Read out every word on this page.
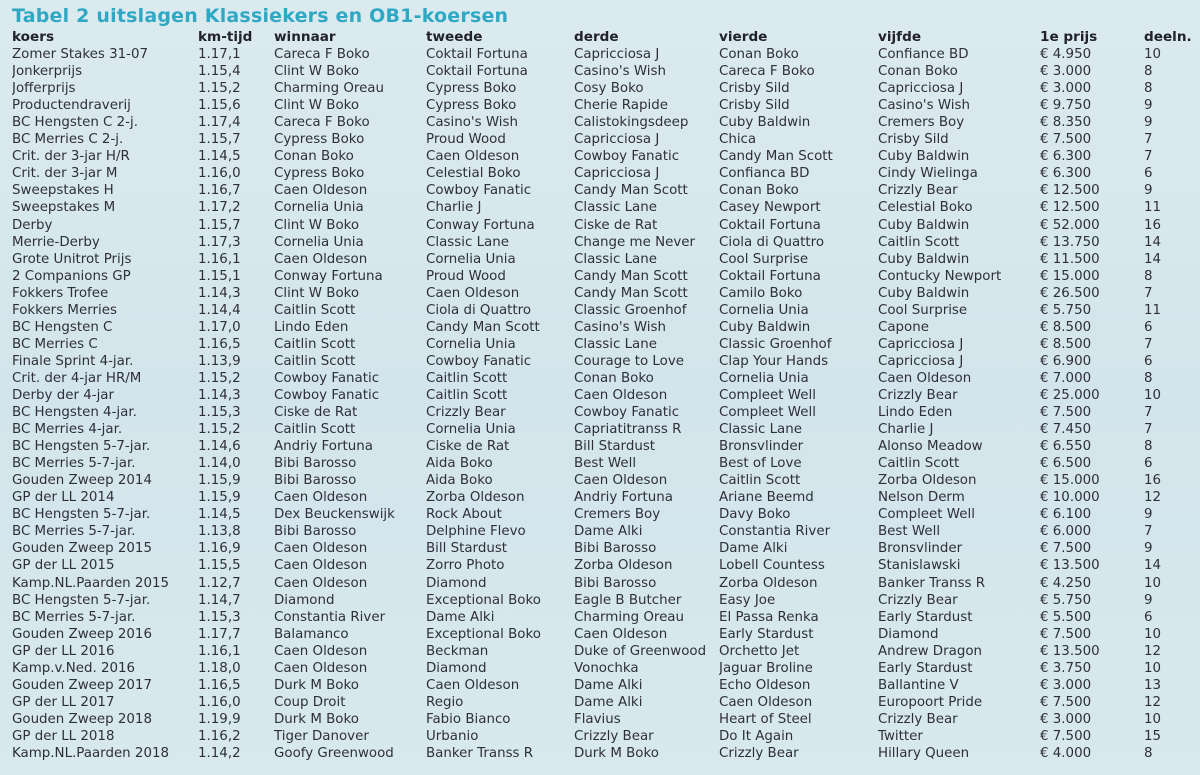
Tabel 2 uitslagen Klassiekers en OB1-koersen
koers	km-tijd	winnaar	tweede	derde	vierde	vijfde	1e prijs	deeln.
Zomer Stakes 31-07	1.17,1	Careca F Boko	Coktail Fortuna	Capricciosa J	Conan Boko	Confiance BD	€ 4.950	10
Jonkerprijs	1.15,4	Clint W Boko	Coktail Fortuna	Casino's Wish	Careca F Boko	Conan Boko	€ 3.000	8
Jofferprijs	1.15,2	Charming Oreau	Cypress Boko	Cosy Boko	Crisby Sild	Capricciosa J	€ 3.000	8
Productendraverij	1.15,6	Clint W Boko	Cypress Boko	Cherie Rapide	Crisby Sild	Casino's Wish	€ 9.750	9
BC Hengsten C 2-j.	1.17,4	Careca F Boko	Casino's Wish	Calistokingsdeep	Cuby Baldwin	Cremers Boy	€ 8.350	9
BC Merries C 2-j.	1.15,7	Cypress Boko	Proud Wood	Capricciosa J	Chica	Crisby Sild	€ 7.500	7
Crit. der 3-jar H/R	1.14,5	Conan Boko	Caen Oldeson	Cowboy Fanatic	Candy Man Scott	Cuby Baldwin	€ 6.300	7
Crit. der 3-jar M	1.16,0	Cypress Boko	Celestial Boko	Capricciosa J	Confianca BD	Cindy Wielinga	€ 6.300	6
Sweepstakes H	1.16,7	Caen Oldeson	Cowboy Fanatic	Candy Man Scott	Conan Boko	Crizzly Bear	€ 12.500	9
Sweepstakes M	1.17,2	Cornelia Unia	Charlie J	Classic Lane	Casey Newport	Celestial Boko	€ 12.500	11
Derby	1.15,7	Clint W Boko	Conway Fortuna	Ciske de Rat	Coktail Fortuna	Cuby Baldwin	€ 52.000	16
Merrie-Derby	1.17,3	Cornelia Unia	Classic Lane	Change me Never	Ciola di Quattro	Caitlin Scott	€ 13.750	14
Grote Unitrot Prijs	1.16,1	Caen Oldeson	Cornelia Unia	Classic Lane	Cool Surprise	Cuby Baldwin	€ 11.500	14
2 Companions GP	1.15,1	Conway Fortuna	Proud Wood	Candy Man Scott	Coktail Fortuna	Contucky Newport	€ 15.000	8
Fokkers Trofee	1.14,3	Clint W Boko	Caen Oldeson	Candy Man Scott	Camilo Boko	Cuby Baldwin	€ 26.500	7
Fokkers Merries	1.14,4	Caitlin Scott	Ciola di Quattro	Classic Groenhof	Cornelia Unia	Cool Surprise	€ 5.750	11
BC Hengsten C	1.17,0	Lindo Eden	Candy Man Scott	Casino's Wish	Cuby Baldwin	Capone	€ 8.500	6
BC Merries C	1.16,5	Caitlin Scott	Cornelia Unia	Classic Lane	Classic Groenhof	Capricciosa J	€ 8.500	7
Finale Sprint 4-jar.	1.13,9	Caitlin Scott	Cowboy Fanatic	Courage to Love	Clap Your Hands	Capricciosa J	€ 6.900	6
Crit. der 4-jar HR/M	1.15,2	Cowboy Fanatic	Caitlin Scott	Conan Boko	Cornelia Unia	Caen Oldeson	€ 7.000	8
Derby der 4-jar	1.14,3	Cowboy Fanatic	Caitlin Scott	Caen Oldeson	Compleet Well	Crizzly Bear	€ 25.000	10
BC Hengsten 4-jar.	1.15,3	Ciske de Rat	Crizzly Bear	Cowboy Fanatic	Compleet Well	Lindo Eden	€ 7.500	7
BC Merries 4-jar.	1.15,2	Caitlin Scott	Cornelia Unia	Capriatitranss R	Classic Lane	Charlie J	€ 7.450	7
BC Hengsten 5-7-jar.	1.14,6	Andriy Fortuna	Ciske de Rat	Bill Stardust	Bronsvlinder	Alonso Meadow	€ 6.550	8
BC Merries 5-7-jar.	1.14,0	Bibi Barosso	Aida Boko	Best Well	Best of Love	Caitlin Scott	€ 6.500	6
Gouden Zweep 2014	1.15,9	Bibi Barosso	Aida Boko	Caen Oldeson	Caitlin Scott	Zorba Oldeson	€ 15.000	16
GP der LL 2014	1.15,9	Caen Oldeson	Zorba Oldeson	Andriy Fortuna	Ariane Beemd	Nelson Derm	€ 10.000	12
BC Hengsten 5-7-jar.	1.14,5	Dex Beuckenswijk	Rock About	Cremers Boy	Davy Boko	Compleet Well	€ 6.100	9
BC Merries 5-7-jar.	1.13,8	Bibi Barosso	Delphine Flevo	Dame Alki	Constantia River	Best Well	€ 6.000	7
Gouden Zweep 2015	1.16,9	Caen Oldeson	Bill Stardust	Bibi Barosso	Dame Alki	Bronsvlinder	€ 7.500	9
GP der LL 2015	1.15,5	Caen Oldeson	Zorro Photo	Zorba Oldeson	Lobell Countess	Stanislawski	€ 13.500	14
Kamp.NL.Paarden 2015	1.12,7	Caen Oldeson	Diamond	Bibi Barosso	Zorba Oldeson	Banker Transs R	€ 4.250	10
BC Hengsten 5-7-jar.	1.14,7	Diamond	Exceptional Boko	Eagle B Butcher	Easy Joe	Crizzly Bear	€ 5.750	9
BC Merries 5-7-jar.	1.15,3	Constantia River	Dame Alki	Charming Oreau	El Passa Renka	Early Stardust	€ 5.500	6
Gouden Zweep 2016	1.17,7	Balamanco	Exceptional Boko	Caen Oldeson	Early Stardust	Diamond	€ 7.500	10
GP der LL 2016	1.16,1	Caen Oldeson	Beckman	Duke of Greenwood	Orchetto Jet	Andrew Dragon	€ 13.500	12
Kamp.v.Ned. 2016	1.18,0	Caen Oldeson	Diamond	Vonochka	Jaguar Broline	Early Stardust	€ 3.750	10
Gouden Zweep 2017	1.16,5	Durk M Boko	Caen Oldeson	Dame Alki	Echo Oldeson	Ballantine V	€ 3.000	13
GP der LL 2017	1.16,0	Coup Droit	Regio	Dame Alki	Caen Oldeson	Europoort Pride	€ 7.500	12
Gouden Zweep 2018	1.19,9	Durk M Boko	Fabio Bianco	Flavius	Heart of Steel	Crizzly Bear	€ 3.000	10
GP der LL 2018	1.16,2	Tiger Danover	Urbanio	Crizzly Bear	Do It Again	Twitter	€ 7.500	15
Kamp.NL.Paarden 2018	1.14,2	Goofy Greenwood	Banker Transs R	Durk M Boko	Crizzly Bear	Hillary Queen	€ 4.000	8
